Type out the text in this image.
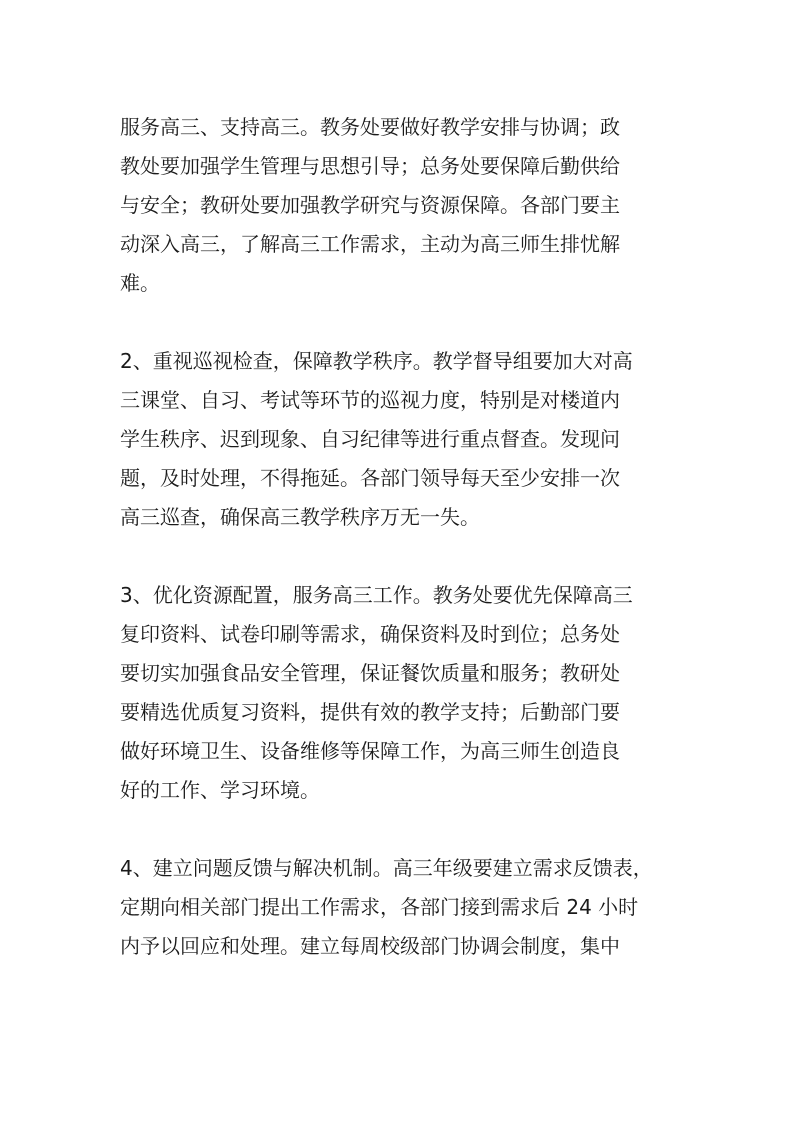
服务高三、支持高三。教务处要做好教学安排与协调；政
教处要加强学生管理与思想引导；总务处要保障后勤供给
与安全；教研处要加强教学研究与资源保障。各部门要主
动深入高三，了解高三工作需求，主动为高三师生排忧解
难。
2、重视巡视检查，保障教学秩序。教学督导组要加大对高
三课堂、自习、考试等环节的巡视力度，特别是对楼道内
学生秩序、迟到现象、自习纪律等进行重点督查。发现问
题，及时处理，不得拖延。各部门领导每天至少安排一次
高三巡查，确保高三教学秩序万无一失。
3、优化资源配置，服务高三工作。教务处要优先保障高三
复印资料、试卷印刷等需求，确保资料及时到位；总务处
要切实加强食品安全管理，保证餐饮质量和服务；教研处
要精选优质复习资料，提供有效的教学支持；后勤部门要
做好环境卫生、设备维修等保障工作，为高三师生创造良
好的工作、学习环境。
4、建立问题反馈与解决机制。高三年级要建立需求反馈表，
定期向相关部门提出工作需求，各部门接到需求后 24 小时
内予以回应和处理。建立每周校级部门协调会制度，集中
